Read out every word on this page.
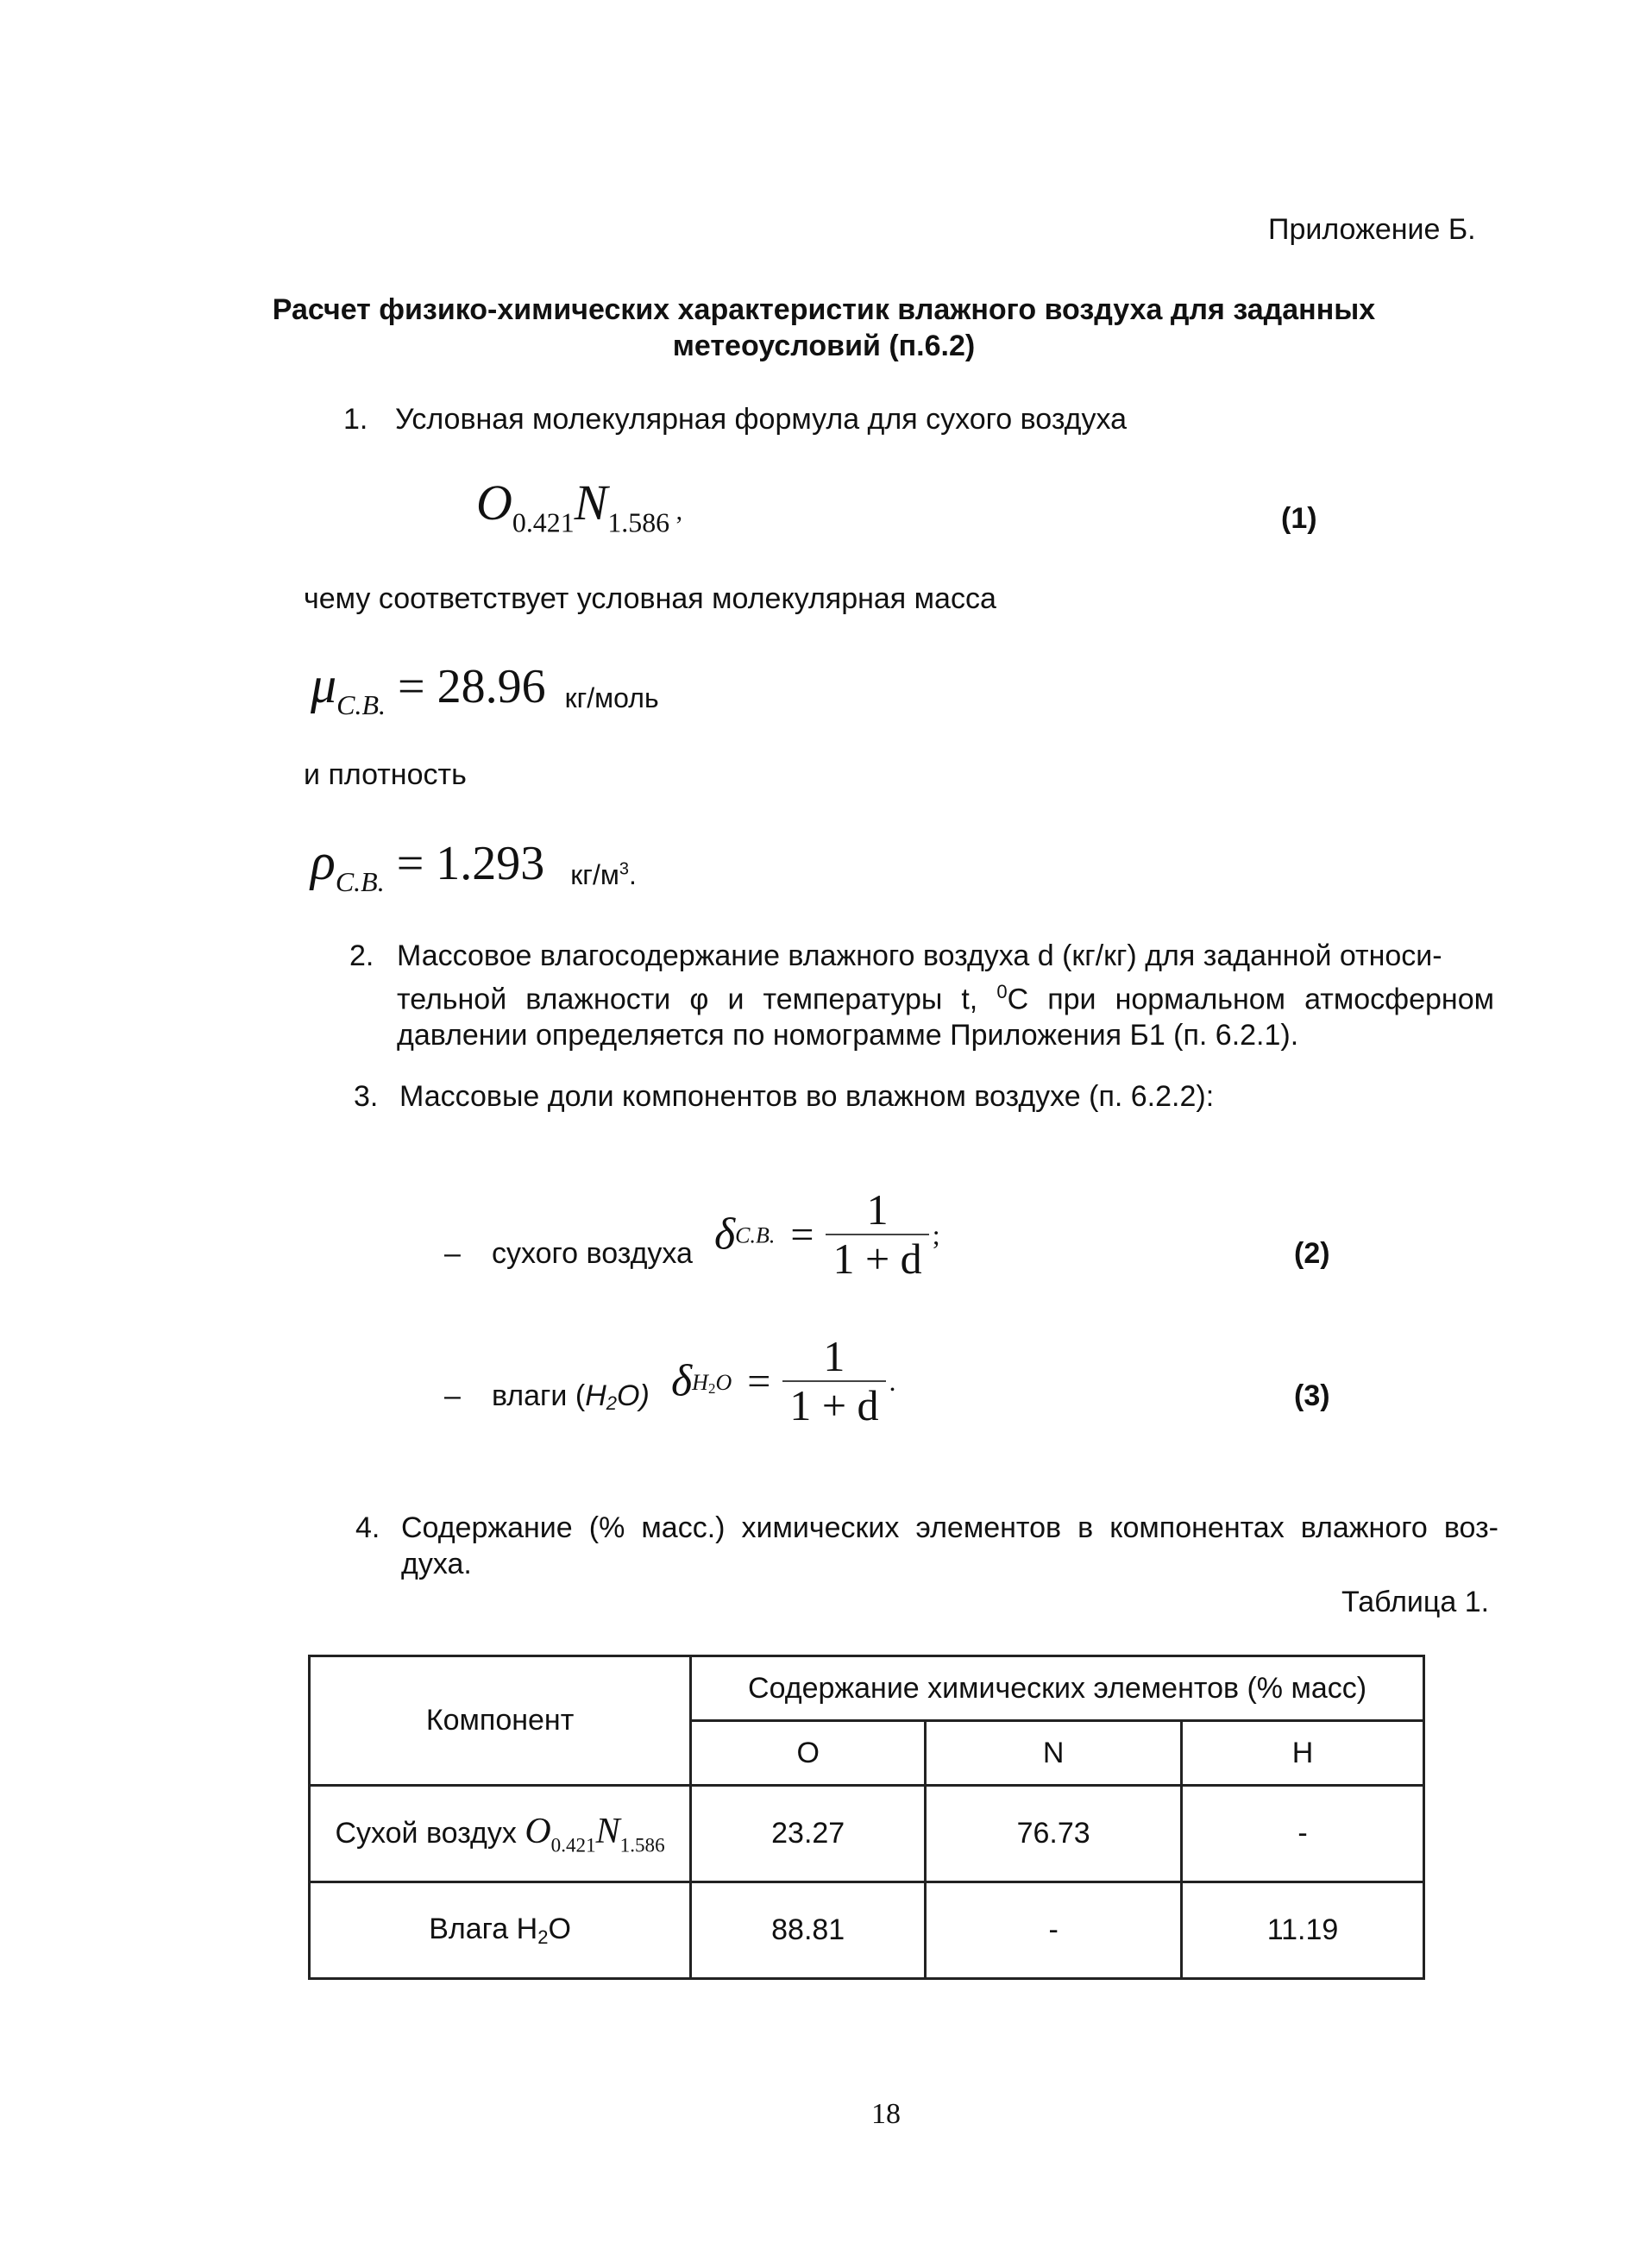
Приложение Б.
Расчет физико-химических характеристик влажного воздуха для заданных
метеоусловий (п.6.2)
1. Условная молекулярная формула для сухого воздуха
$O_{0.421}N_{1.586}$ ,	(1)
чему соответствует условная молекулярная масса
μС.В. = 28.96 кг/моль
и плотность
ρС.В. = 1.293 $кг/м^3$.
2. Массовое влагосодержание влажного воздуха d (кг/кг) для заданной относи-
тельной влажности φ и температуры t, $^0$С при нормальном атмосферном
давлении определяется по номограмме Приложения Б1 (п. 6.2.1).
3. Массовые доли компонентов во влажном воздухе (п. 6.2.2):
– сухого воздуха δС.В. = $\frac{1}{1 + d}$ ;
(2)
– влаги (H2O) $\delta H2O = \frac{1}{1 + d}$ .	(3)
4. Содержание (% масс.) химических элементов в компонентах влажного воз-
духа.
Таблица 1.
Компонент	Содержание химических элементов (% масс)		
	O	N	H
Сухой воздух $O_{0.421}N_{1.586}$	23.27	76.73	-
Влага H2O	88.81	-	11.19
18
